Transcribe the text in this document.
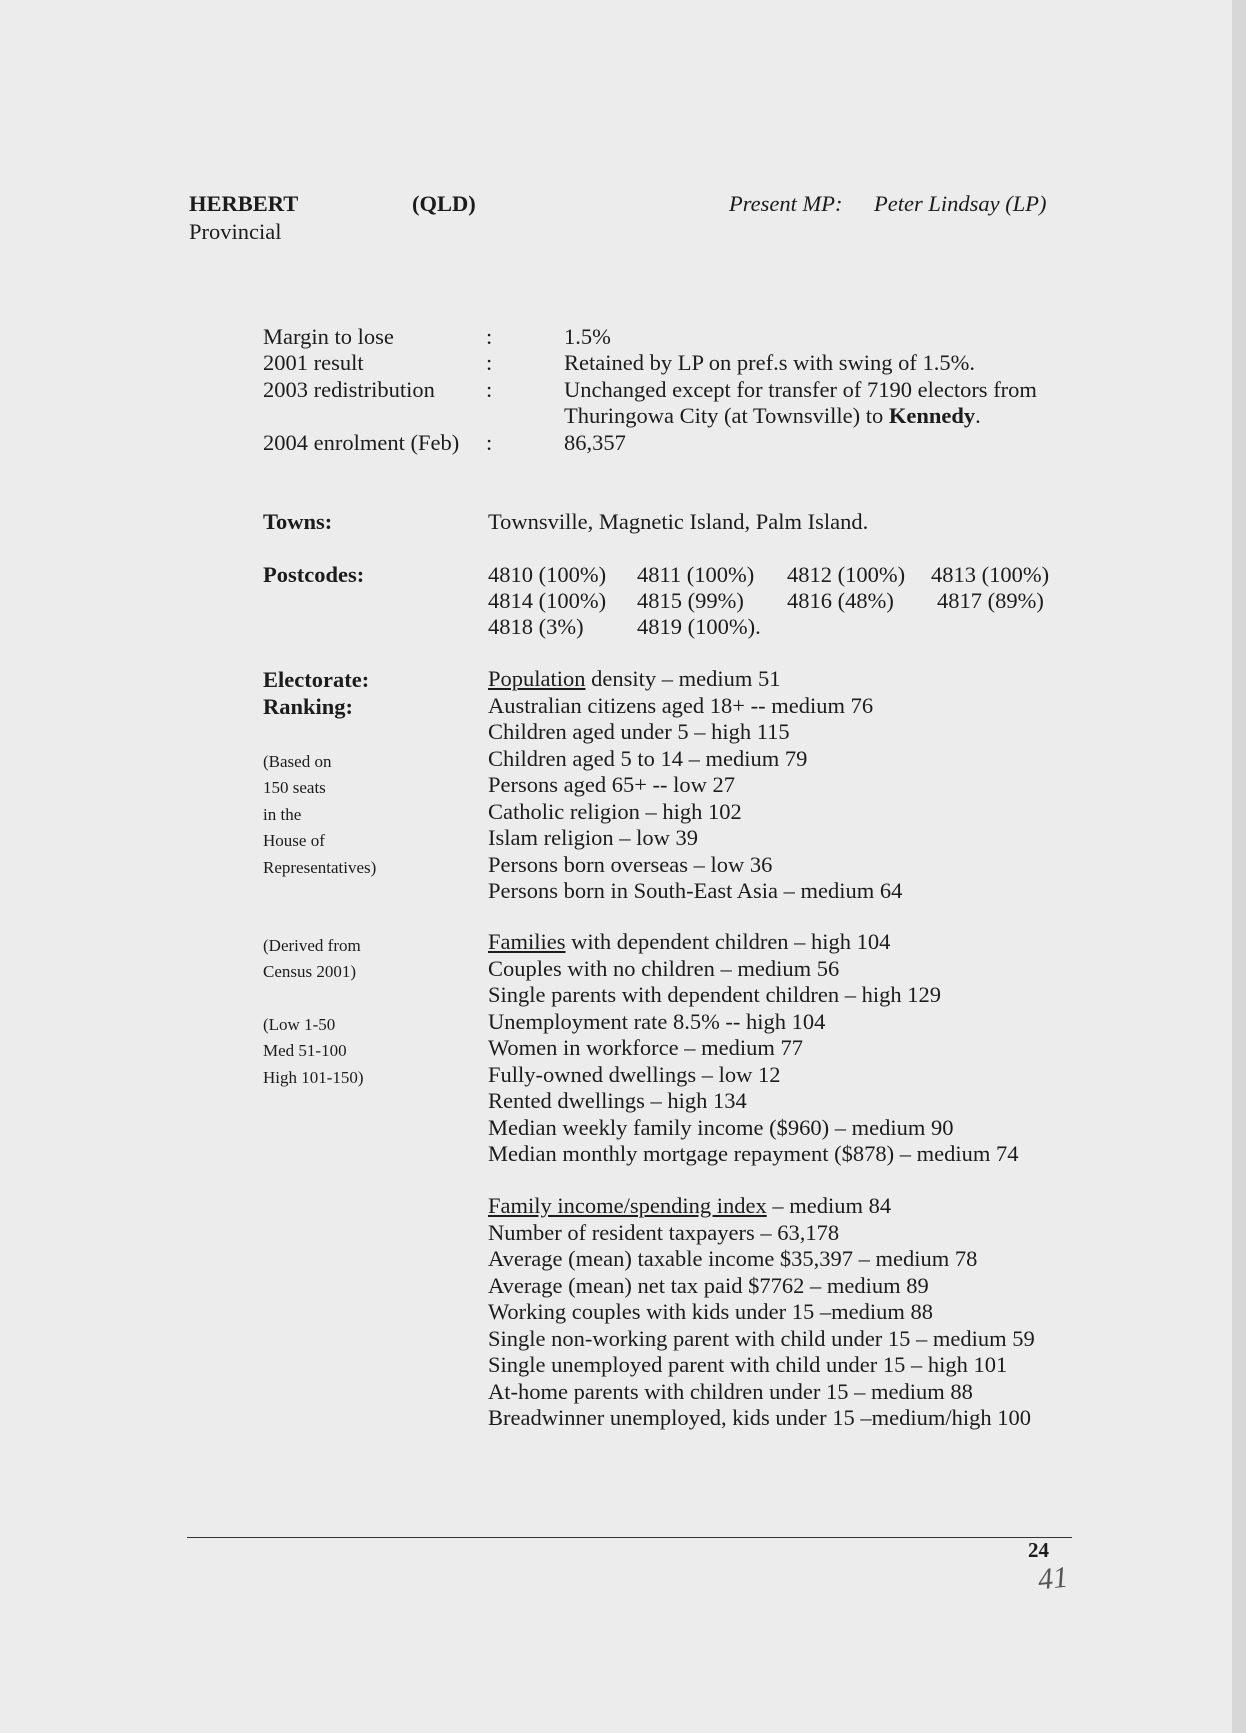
HERBERT	(QLD)
Provincial
Present MP: Peter Lindsay (LP)
Margin to lose	:	1.5%
2001 result	:	Retained by LP on pref.s with swing of 1.5%.
2003 redistribution :	Unchanged except for transfer of 7190 electors from
Thuringowa City (at Townsville) to Kennedy.
2004 enrolment (Feb) :	86,357
Towns:	Townsville, Magnetic Island, Palm Island.
Postcodes:	4810 (100%) 4811 (100%) 4812 (100%) 4813 (100%)
4814 (100%) 4815 (99%) 4816 (48%) 4817 (89%)
4818 (3%) 4819 (100%).
Electorate:
Ranking:
(Based on
150 seats
in the
House of
Representatives)
(Derived from
Census 2001)
(Low 1-50
Med 51-100
High 101-150)
Population density – medium 51
Australian citizens aged 18+ -- medium 76
Children aged under 5 – high 115
Children aged 5 to 14 – medium 79
Persons aged 65+ -- low 27
Catholic religion – high 102
Islam religion – low 39
Persons born overseas – low 36
Persons born in South-East Asia – medium 64
Families with dependent children – high 104
Couples with no children – medium 56
Single parents with dependent children – high 129
Unemployment rate 8.5% -- high 104
Women in workforce – medium 77
Fully-owned dwellings – low 12
Rented dwellings – high 134
Median weekly family income ($960) – medium 90
Median monthly mortgage repayment ($878) – medium 74
Family income/spending index – medium 84
Number of resident taxpayers – 63,178
Average (mean) taxable income $35,397 – medium 78
Average (mean) net tax paid $7762 – medium 89
Working couples with kids under 15 –medium 88
Single non-working parent with child under 15 – medium 59
Single unemployed parent with child under 15 – high 101
At-home parents with children under 15 – medium 88
Breadwinner unemployed, kids under 15 –medium/high 100
24
41
